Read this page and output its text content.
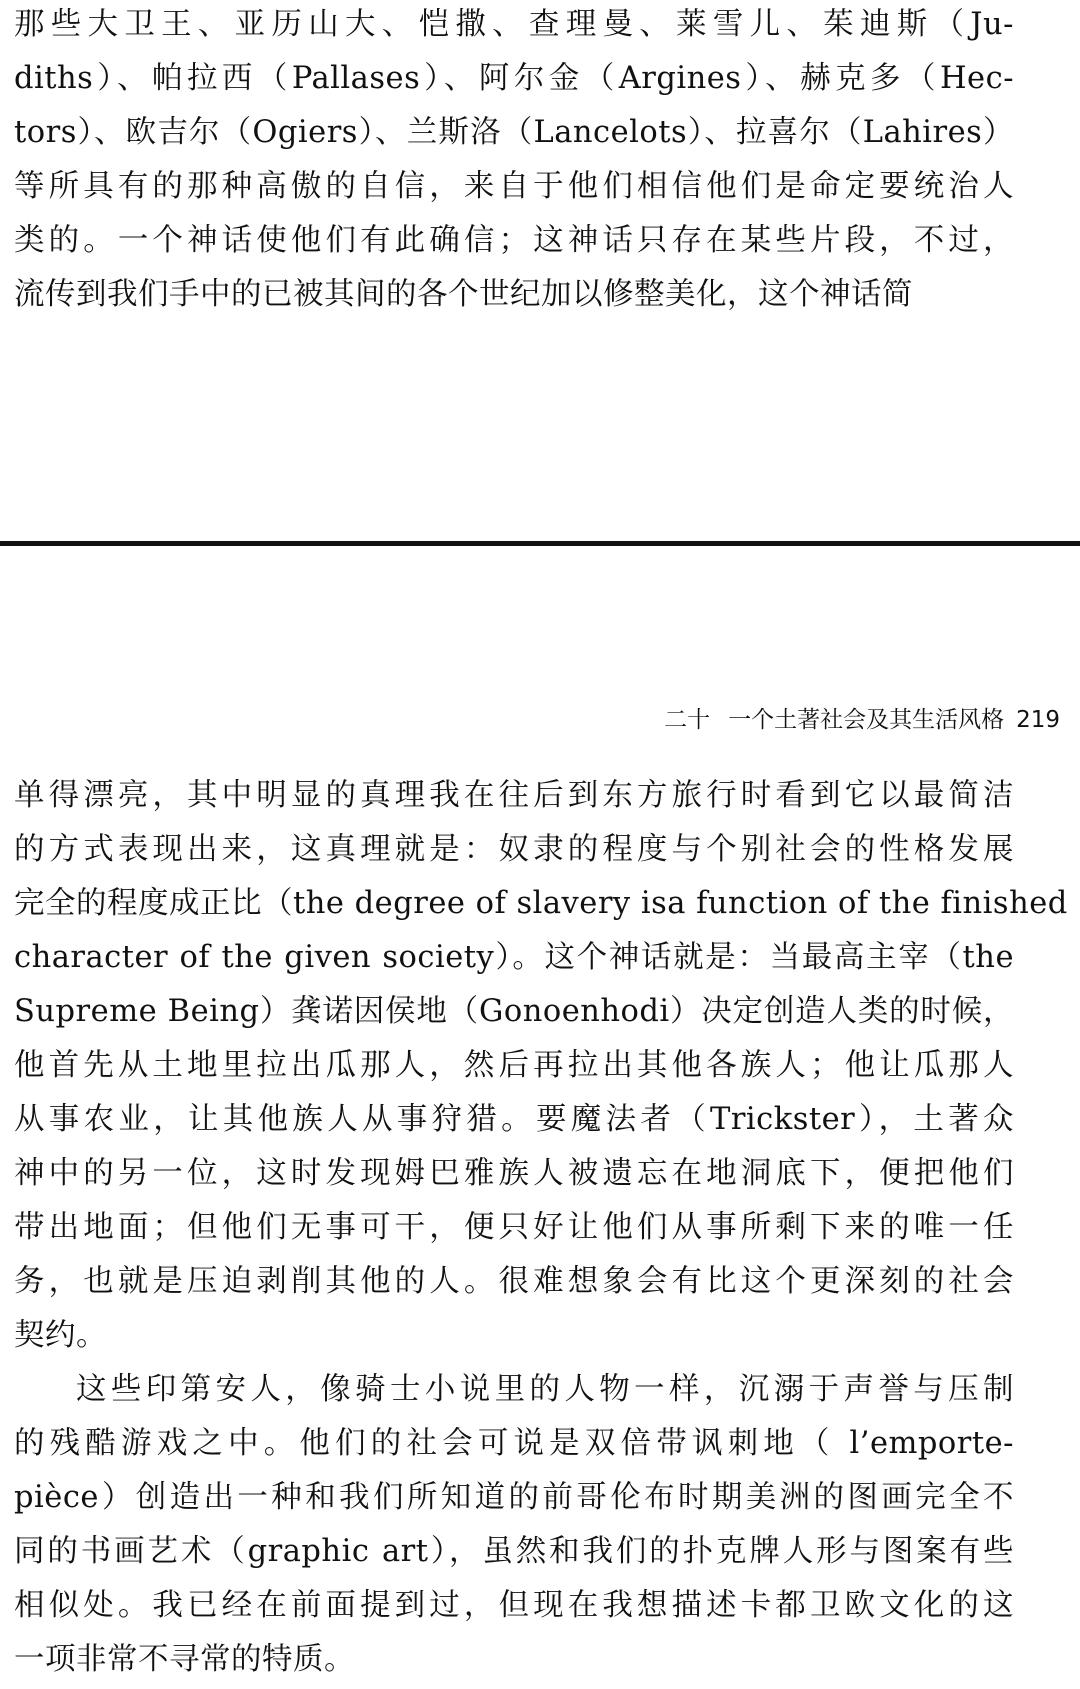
那些大卫王、亚历山大、恺撒、查理曼、莱雪儿、茱迪斯（Ju-
diths）、帕拉西（Pallases）、阿尔金（Argines）、赫克多（Hec-
tors）、欧吉尔（Ogiers）、兰斯洛（Lancelots）、拉喜尔（Lahires）
等所具有的那种高傲的自信，来自于他们相信他们是命定要统治人
类的。一个神话使他们有此确信；这神话只存在某些片段，不过，
流传到我们手中的已被其间的各个世纪加以修整美化，这个神话简
二十 一个土著社会及其生活风格 219
单得漂亮，其中明显的真理我在往后到东方旅行时看到它以最简洁
的方式表现出来，这真理就是：奴隶的程度与个别社会的性格发展
完全的程度成正比（the degree of slavery isa function of the finished
character of the given society）。这个神话就是：当最高主宰（the
Supreme Being）龚诺因侯地（Gonoenhodi）决定创造人类的时候，
他首先从土地里拉出瓜那人，然后再拉出其他各族人；他让瓜那人
从事农业，让其他族人从事狩猎。要魔法者（Trickster），土著众
神中的另一位，这时发现姆巴雅族人被遗忘在地洞底下，便把他们
带出地面；但他们无事可干，便只好让他们从事所剩下来的唯一任
务，也就是压迫剥削其他的人。很难想象会有比这个更深刻的社会
契约。
这些印第安人，像骑士小说里的人物一样，沉溺于声誉与压制
的残酷游戏之中。他们的社会可说是双倍带讽刺地（ l’emporte-
pièce）创造出一种和我们所知道的前哥伦布时期美洲的图画完全不
同的书画艺术（graphic art），虽然和我们的扑克牌人形与图案有些
相似处。我已经在前面提到过，但现在我想描述卡都卫欧文化的这
一项非常不寻常的特质。
